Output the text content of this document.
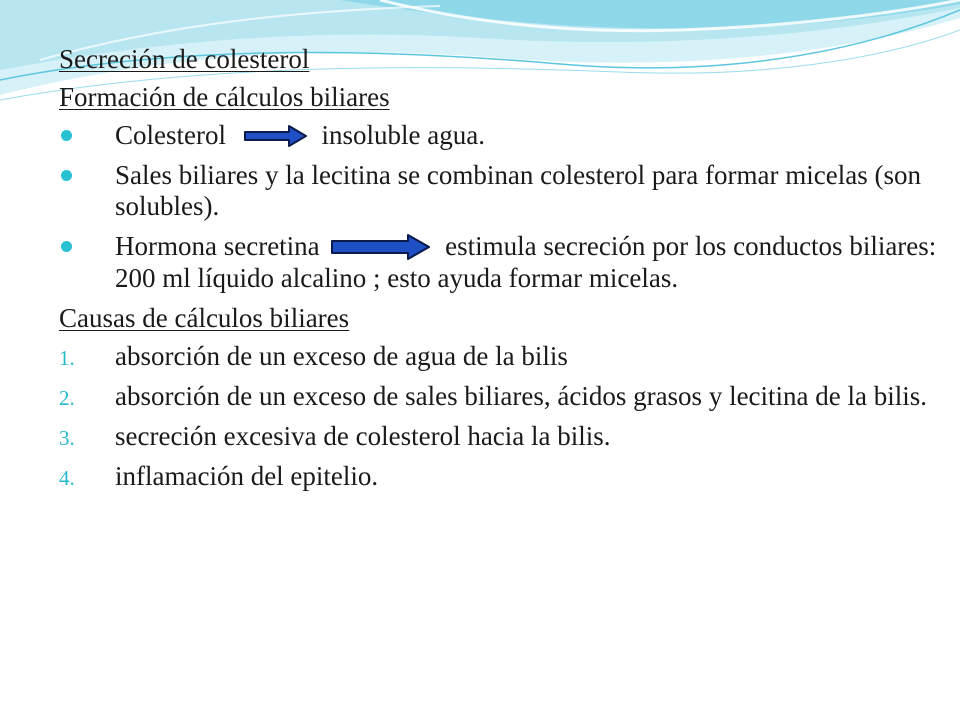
Secreción de colesterol
Formación de cálculos biliares
Colesterol	insoluble agua.
Sales biliares y la lecitina se combinan colesterol para formar micelas (son solubles).
Hormona secretina	estimula secreción por los conductos biliares: 200 ml líquido alcalino ; esto ayuda formar micelas.
Causas de cálculos biliares
1. absorción de un exceso de agua de la bilis
2. absorción de un exceso de sales biliares, ácidos grasos y lecitina de la bilis.
3. secreción excesiva de colesterol hacia la bilis.
4. inflamación del epitelio.
